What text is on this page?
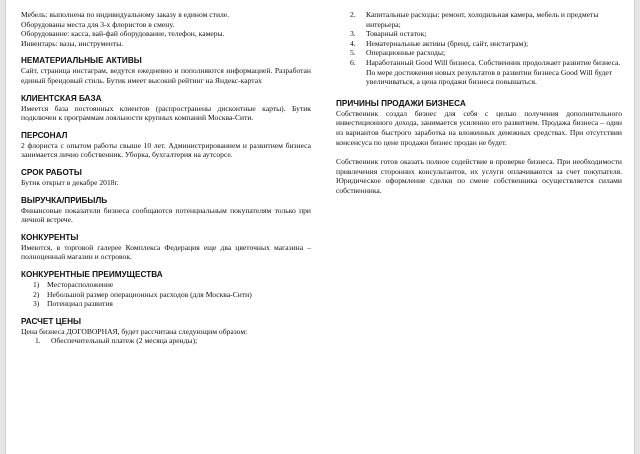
Мебель: выполнена по индивидуальному заказу в едином стиле.

Оборудованы места для 3-х флористов в смену.

Оборудование: касса, вай-фай оборудование, телефон, камеры.

Инвентарь: вазы, инструменты.

НЕМАТЕРИАЛЬНЫЕ АКТИВЫ

Сайт, страница инстаграм, ведутся ежедневно и пополняются информацией. Разработан единый брендовый стиль. Бутик имеет высокий рейтинг на Яндекс-картах

КЛИЕНТСКАЯ БАЗА

Имеется база постоянных клиентов (распространены дисконтные карты). Бутик подключен к программам лояльности крупных компаний Москва-Сити.

ПЕРСОНАЛ

2 флориста с опытом работы свыше 10 лет. Администрированием и развитием бизнеса занимается лично собственник. Уборка, бухгалтерия на аутсорсе.

СРОК РАБОТЫ

Бутик открыт в декабре 2018г.

ВЫРУЧКА/ПРИБЫЛЬ

Финансовые показатели бизнеса сообщаются потенциальным покупателям только при личной встрече.

КОНКУРЕНТЫ

Имеются, в торговой галерее Комплекса Федерация еще два цветочных магазина – полноценный магазин и островок.

КОНКУРЕНТНЫЕ ПРЕИМУЩЕСТВА
1) Месторасположение
2) Небольшой размер операционных расходов (для Москва-Сити)
3) Потенциал развития
РАСЧЕТ ЦЕНЫ

Цена бизнеса ДОГОВОРНАЯ, будет рассчитана следующим образом:

1. Обеспечительный платеж (2 месяца аренды);
2. Капитальные расходы: ремонт, холодильная камера, мебель и предметы интерьера;
3. Товарный остаток;
4. Нематериальные активы (бренд, сайт, инстаграм);
5. Операционные расходы;
6. Наработанный Good Will бизнеса. Собственник продолжает развитие бизнеса. По мере достижения новых результатов в развитии бизнеса Good Will будет увеличиваться, а цена продажи бизнеса повышаться.
ПРИЧИНЫ ПРОДАЖИ БИЗНЕСА

Собственник создал бизнес для себя с целью получения дополнительного инвестиционного дохода, занимается усиленно его развитием. Продажа бизнеса – один из вариантов быстрого заработка на вложенных денежных средствах. При отсутствии консенсуса по цене продажи бизнес продан не будет.

Собственник готов оказать полное содействие в проверке бизнеса. При необходимости привлечения сторонних консультантов, их услуги оплачиваются за счет покупателя. Юридическое оформление сделки по смене собственника осуществляется силами собственника.
